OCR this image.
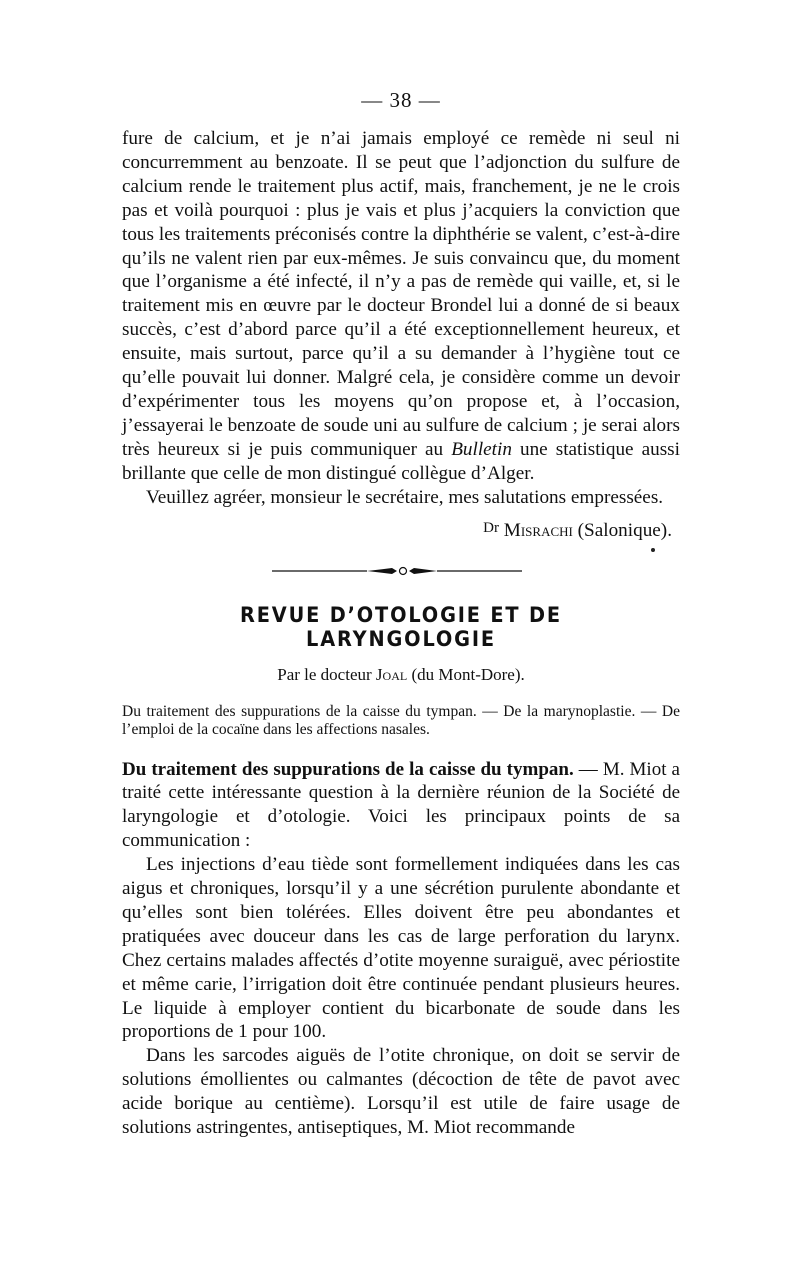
— 38 —

fure de calcium, et je n’ai jamais employé ce remède ni seul ni concurremment au benzoate. Il se peut que l’adjonction du sulfure de calcium rende le traitement plus actif, mais, franchement, je ne le crois pas et voilà pourquoi : plus je vais et plus j’acquiers la conviction que tous les traitements préconisés contre la diphthérie se valent, c’est-à-dire qu’ils ne valent rien par eux-mêmes. Je suis convaincu que, du moment que l’organisme a été infecté, il n’y a pas de remède qui vaille, et, si le traitement mis en œuvre par le docteur Brondel lui a donné de si beaux succès, c’est d’abord parce qu’il a été exceptionnellement heureux, et ensuite, mais surtout, parce qu’il a su demander à l’hygiène tout ce qu’elle pouvait lui donner. Malgré cela, je considère comme un devoir d’expérimenter tous les moyens qu’on propose et, à l’occasion, j’essayerai le benzoate de soude uni au sulfure de calcium ; je serai alors très heureux si je puis communiquer au Bulletin une statistique aussi brillante que celle de mon distingué collègue d’Alger.

Veuillez agréer, monsieur le secrétaire, mes salutations empressées.

$^{Dr}$ Misrachi (Salonique).
REVUE D’OTOLOGIE ET DE LARYNGOLOGIE
Par le docteur Joal (du Mont-Dore).
Du traitement des suppurations de la caisse du tympan. — De la marynoplastie. — De l’emploi de la cocaïne dans les affections nasales.
Du traitement des suppurations de la caisse du tympan. — M. Miot a traité cette intéressante question à la dernière réunion de la Société de laryngologie et d’otologie. Voici les principaux points de sa communication :

Les injections d’eau tiède sont formellement indiquées dans les cas aigus et chroniques, lorsqu’il y a une sécrétion purulente abondante et qu’elles sont bien tolérées. Elles doivent être peu abondantes et pratiquées avec douceur dans les cas de large perforation du larynx. Chez certains malades affectés d’otite moyenne suraiguë, avec périostite et même carie, l’irrigation doit être continuée pendant plusieurs heures. Le liquide à employer contient du bicarbonate de soude dans les proportions de 1 pour 100.

Dans les sarcodes aiguës de l’otite chronique, on doit se servir de solutions émollientes ou calmantes (décoction de tête de pavot avec acide borique au centième). Lorsqu’il est utile de faire usage de solutions astringentes, antiseptiques, M. Miot recommande
